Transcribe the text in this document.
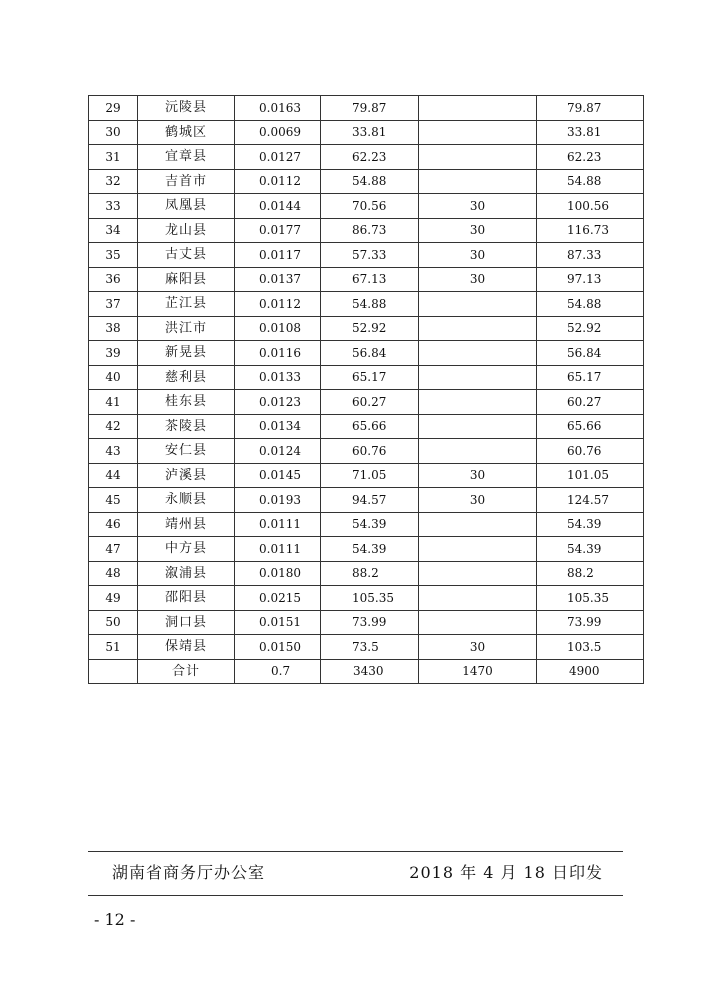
29	沅陵县	0.0163	79.87		79.87
30	鹤城区	0.0069	33.81		33.81
31	宜章县	0.0127	62.23		62.23
32	吉首市	0.0112	54.88		54.88
33	凤凰县	0.0144	70.56	30	100.56
34	龙山县	0.0177	86.73	30	116.73
35	古丈县	0.0117	57.33	30	87.33
36	麻阳县	0.0137	67.13	30	97.13
37	芷江县	0.0112	54.88		54.88
38	洪江市	0.0108	52.92		52.92
39	新晃县	0.0116	56.84		56.84
40	慈利县	0.0133	65.17		65.17
41	桂东县	0.0123	60.27		60.27
42	茶陵县	0.0134	65.66		65.66
43	安仁县	0.0124	60.76		60.76
44	泸溪县	0.0145	71.05	30	101.05
45	永顺县	0.0193	94.57	30	124.57
46	靖州县	0.0111	54.39		54.39
47	中方县	0.0111	54.39		54.39
48	溆浦县	0.0180	88.2		88.2
49	邵阳县	0.0215	105.35		105.35
50	洞口县	0.0151	73.99		73.99
51	保靖县	0.0150	73.5	30	103.5
	合计	0.7	3430	1470	4900
湖南省商务厅办公室	2018 年 4 月 18 日印发
- 12 -
